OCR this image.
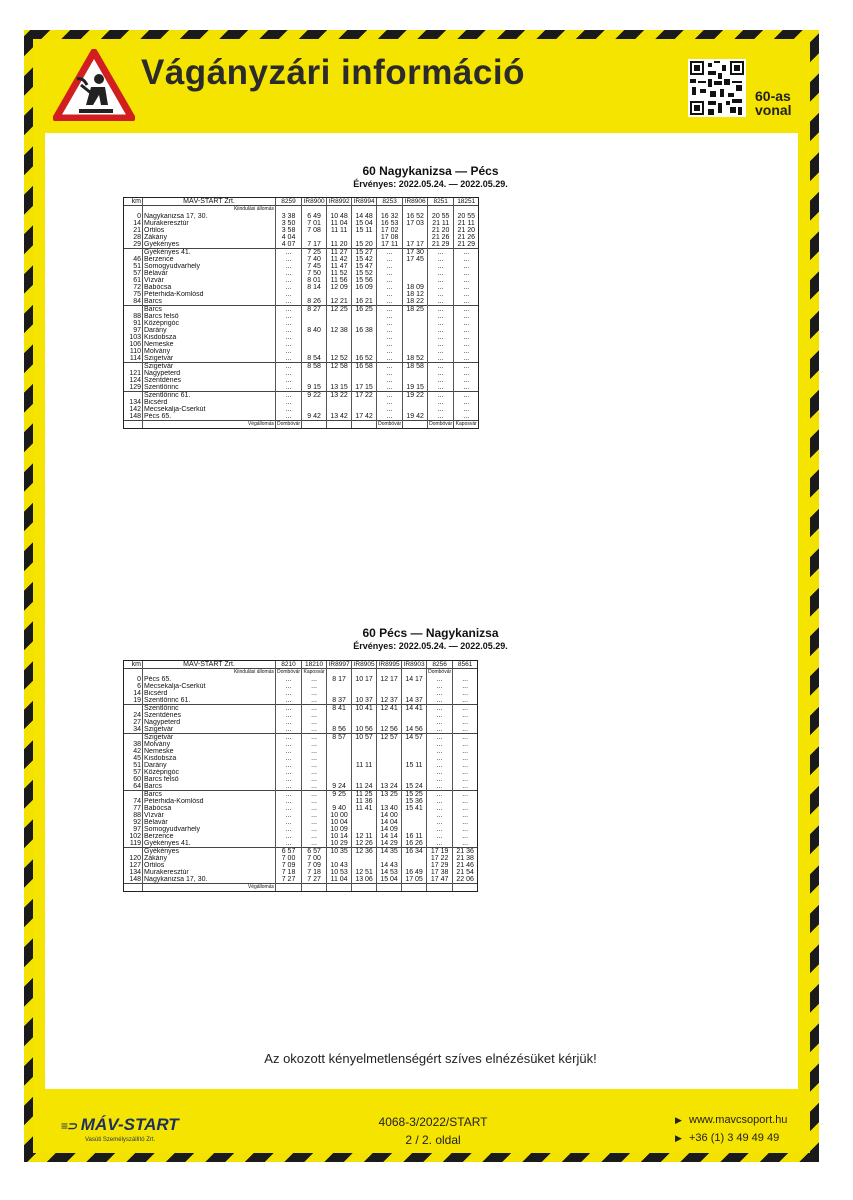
Vágányzári információ
60-as
vonal
60 Nagykanizsa — Pécs
Érvényes: 2022.05.24. — 2022.05.29.
km	MÁV-START Zrt.	8259	IR8900	IR8992	IR8994	8253	IR8906	8251	18251
	Kiindulási állomás								
0	Nagykanizsa 17, 30.	3 38	6 49	10 48	14 48	16 32	16 52	20 55	20 55
14	Murakeresztúr	3 50	7 01	11 04	15 04	16 53	17 03	21 11	21 11
21	Örtilos	3 58	7 08	11 11	15 11	17 02		21 20	21 20
28	Zákány	4 04				17 08		21 26	21 26
29	Gyékényes	4 07	7 17	11 20	15 20	17 11	17 17	21 29	21 29
	Gyékényes 41.	...	7 25	11 27	15 27	...	17 30	...	...
46	Berzence	...	7 40	11 42	15 42	...	17 45	...	...
51	Somogyudvarhely	...	7 45	11 47	15 47	...		...	...
57	Bélavár	...	7 50	11 52	15 52	...		...	...
61	Vízvár	...	8 01	11 56	15 56	...		...	...
72	Babócsa	...	8 14	12 09	16 09	...	18 09	...	...
75	Péterhida-Komlósd	...				...	18 12	...	...
84	Barcs	...	8 26	12 21	16 21	...	18 22	...	...
	Barcs	...	8 27	12 25	16 25	...	18 25	...	...
88	Barcs felső	...				...		...	...
91	Középrigóc	...				...		...	...
97	Darány	...	8 40	12 38	16 38	...		...	...
103	Kisdobsza	...				...		...	...
106	Nemeske	...				...		...	...
110	Molvány	...				...		...	...
114	Szigetvár	...	8 54	12 52	16 52	...	18 52	...	...
	Szigetvár	...	8 58	12 58	16 58	...	18 58	...	...
121	Nagypeterd	...				...		...	...
124	Szentdénes	...				...		...	...
129	Szentlőrinc	...	9 15	13 15	17 15	...	19 15	...	...
	Szentlőrinc 61.	...	9 22	13 22	17 22	...	19 22	...	...
134	Bicsérd	...				...		...	...
142	Mecsekalja-Cserkút	...				...		...	...
148	Pécs 65.	...	9 42	13 42	17 42	...	19 42	...	...
	Végállomás	Dombóvár				Dombóvár		Dombóvár	Kaposvár
60 Pécs — Nagykanizsa
Érvényes: 2022.05.24. — 2022.05.29.
km	MÁV-START Zrt.	8210	18210	IR8997	IR8905	IR8995	IR8903	8256	8561
	Kiindulási állomás	Dombóvár	Kaposvár					Dombóvár	
0	Pécs 65.	...	...	8 17	10 17	12 17	14 17	...	...
6	Mecsekalja-Cserkút	...	...					...	...
14	Bicsérd	...	...					...	...
19	Szentlőrinc 61.	...	...	8 37	10 37	12 37	14 37	...	...
	Szentlőrinc	...	...	8 41	10 41	12 41	14 41	...	...
24	Szentdénes	...	...					...	...
27	Nagypeterd	...	...					...	...
34	Szigetvár	...	...	8 56	10 56	12 56	14 56	...	...
	Szigetvár	...	...	8 57	10 57	12 57	14 57	...	...
38	Molvány	...	...					...	...
42	Nemeske	...	...					...	...
45	Kisdobsza	...	...					...	...
51	Darány	...	...		11 11		15 11	...	...
57	Középrigóc	...	...					...	...
60	Barcs felső	...	...					...	...
64	Barcs	...	...	9 24	11 24	13 24	15 24	...	...
	Barcs	...	...	9 25	11 25	13 25	15 25	...	...
74	Péterhida-Komlósd	...	...		11 36		15 36	...	...
77	Babócsa	...	...	9 40	11 41	13 40	15 41	...	...
88	Vízvár	...	...	10 00		14 00		...	...
92	Bélavár	...	...	10 04		14 04		...	...
97	Somogyudvarhely	...	...	10 09		14 09		...	...
102	Berzence	...	...	10 14	12 11	14 14	16 11	...	...
119	Gyékényes 41.	...	...	10 29	12 26	14 29	16 26	...	...
	Gyékényes	6 57	6 57	10 35	12 36	14 35	16 34	17 19	21 36
120	Zákány	7 00	7 00					17 22	21 38
127	Örtilos	7 09	7 09	10 43		14 43		17 29	21 46
134	Murakeresztúr	7 18	7 18	10 53	12 51	14 53	16 49	17 38	21 54
148	Nagykanizsa 17, 30.	7 27	7 27	11 04	13 06	15 04	17 05	17 47	22 06
	Végállomás								
Az okozott kényelmetlenségért szíves elnézésüket kérjük!
≡⊃ MÁV-START
Vasúti Személyszállító Zrt.
4068-3/2022/START
2 / 2. oldal
▶ www.mavcsoport.hu
▶ +36 (1) 3 49 49 49
